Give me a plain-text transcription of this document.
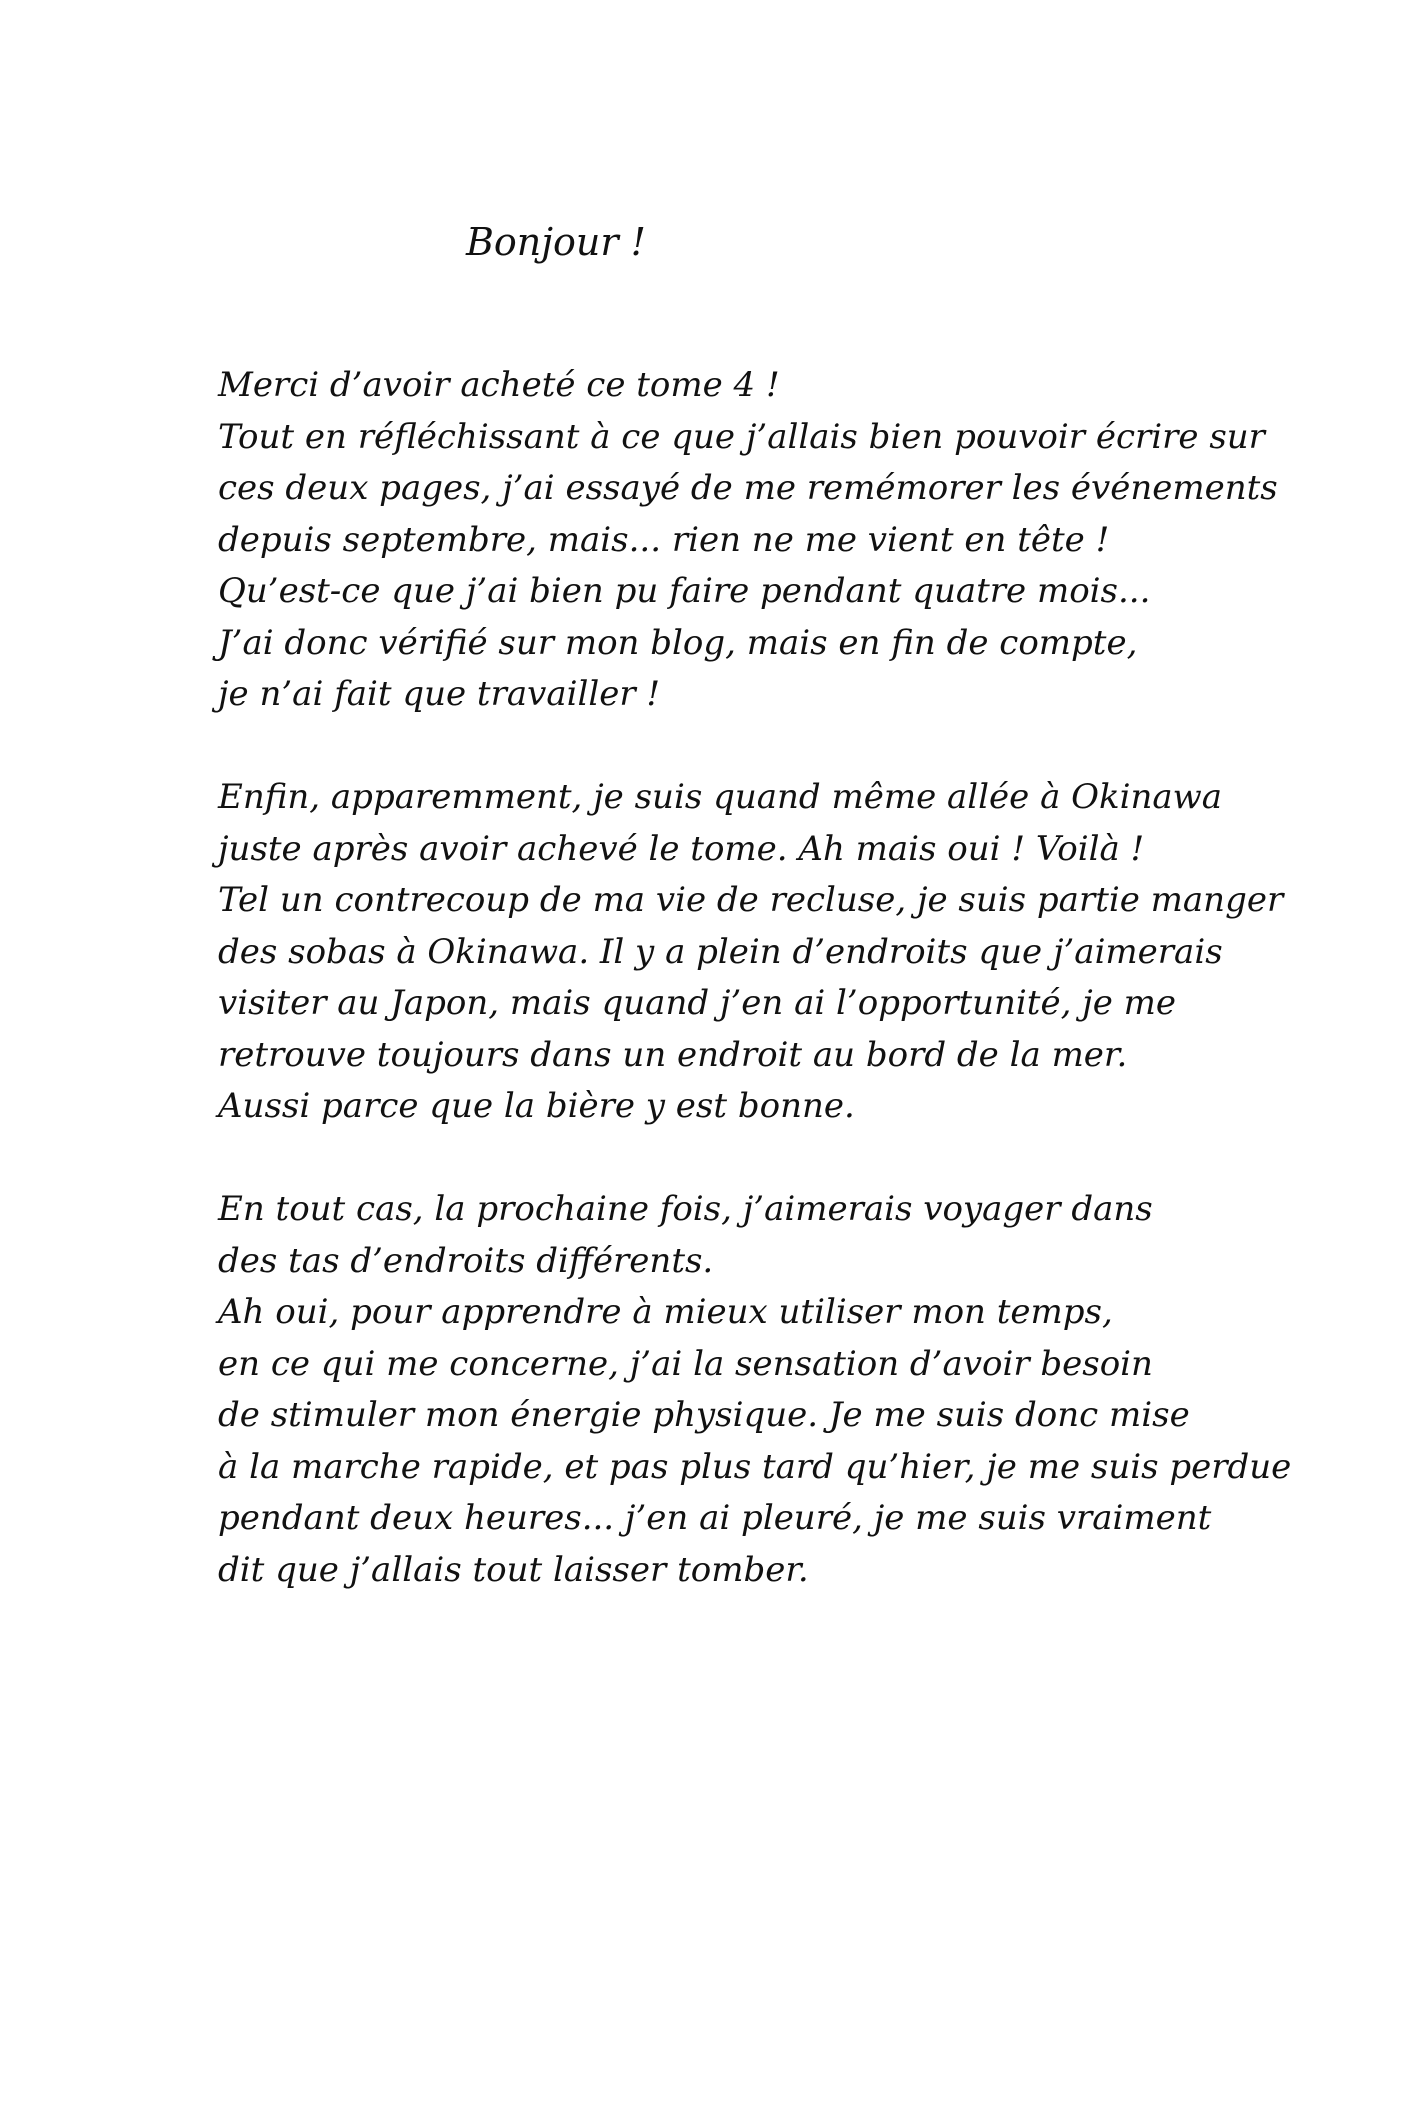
Bonjour !
Merci d’avoir acheté ce tome 4 !
Tout en réfléchissant à ce que j’allais bien pouvoir écrire sur
ces deux pages, j’ai essayé de me remémorer les événements
depuis septembre, mais... rien ne me vient en tête !
Qu’est-ce que j’ai bien pu faire pendant quatre mois...
J’ai donc vérifié sur mon blog, mais en fin de compte,
je n’ai fait que travailler !
Enfin, apparemment, je suis quand même allée à Okinawa
juste après avoir achevé le tome. Ah mais oui ! Voilà !
Tel un contrecoup de ma vie de recluse, je suis partie manger
des sobas à Okinawa. Il y a plein d’endroits que j’aimerais
visiter au Japon, mais quand j’en ai l’opportunité, je me
retrouve toujours dans un endroit au bord de la mer.
Aussi parce que la bière y est bonne.
En tout cas, la prochaine fois, j’aimerais voyager dans
des tas d’endroits différents.
Ah oui, pour apprendre à mieux utiliser mon temps,
en ce qui me concerne, j’ai la sensation d’avoir besoin
de stimuler mon énergie physique. Je me suis donc mise
à la marche rapide, et pas plus tard qu’hier, je me suis perdue
pendant deux heures... j’en ai pleuré, je me suis vraiment
dit que j’allais tout laisser tomber.
